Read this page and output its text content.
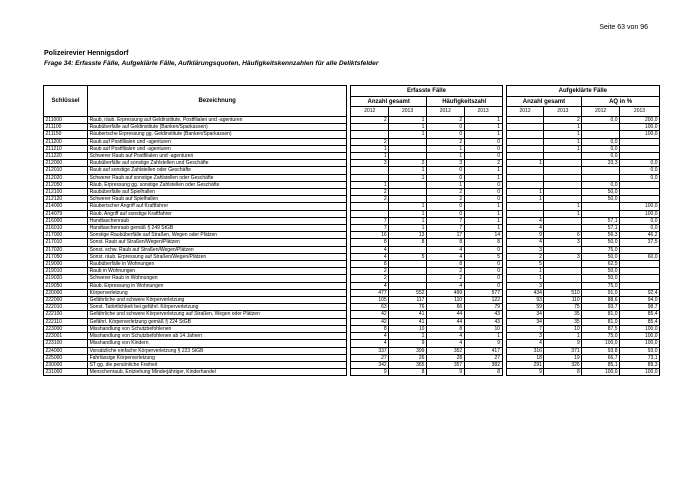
Seite 63 von 96
Polizeirevier Hennigsdorf
Frage 34: Erfasste Fälle, Aufgeklärte Fälle, Aufklärungsquoten, Häufigkeitskennzahlen für alle Deliktsfelder
Schlüssel	Bezeichnung		Erfasste Fälle					Aufgeklärte Fälle			
			Anzahl gesamt		Häufigkeitszahl			Anzahl gesamt		AQ in %	
			2012	2013	2012	2013		2012	2013	2012	2013
211000	Raub, räub. Erpressung auf Geldinstitute, Postfilialen und -agenturen		2	1	2	1			2	0,0	200,0
211100	Raubüberfälle auf Geldinstitute (Banken/Sparkassen)			1	0	1			1		100,0
211150	Räuberische Erpressung gg. Geldinstitute (Banken/Sparkassen)			1	0	1			1		100,0
211200	Raub auf Postfilialen und -agenturen		2		2	0			1	0,0	
211210	Raub auf Postfilialen und -agenturen		1		1	0			1	0,0	
211220	Schwerer Raub auf Postfilialen und -agenturen		1		1	0				0,0	
212000	Raubüberfälle auf sonstige Zahlstellen und Geschäfte		3	2	3	2		1		33,3	0,0
212010	Raub auf sonstige Zahlstellen oder Geschäfte			1	0	1					0,0
212020	Schwerer Raub auf sonstige Zahlstellen oder Geschäfte			1	0	1					0,0
212050	Räub. Erpressung gg. sonstige Zahlstellen oder Geschäfte		1		1	0				0,0	
212100	Raubüberfälle auf Spielhallen		2		2	0		1		50,0	
212120	Schwerer Raub auf Spielhallen		2		2	0		1		50,0	
214000	Räuberischer Angriff auf Kraftfahrer			1	0	1			1		100,0
214079	Räub. Angriff auf sonstige Kraftfahrer			1	0	1			1		100,0
216000	Handtaschenraub		7	1	7	1		4		57,1	0,0
216010	Handtaschenraub gemäß § 249 StGB		7	1	7	1		4		57,1	0,0
217000	Sonstige Raubüberfälle auf Straßen, Wegen oder Plätzen		16	13	17	14		9	6	56,3	46,2
217010	Sonst. Raub auf Straßen/Wegen/Plätzen		8	8	8	8		4	3	50,0	37,5
217020	Sonst. schw. Raub auf Straßen/Wegen/Plätzen		4		4	0		3		75,0	
217050	Sonst. räub. Erpressung auf Straßen/Wegen/Plätzen		4	5	4	5		2	3	50,0	60,0
219000	Raubüberfälle in Wohnungen		8		8	0		5		62,5	
219010	Raub in Wohnungen		2		2	0		1		50,0	
219020	Schwerer Raub in Wohnungen		2		2	0		1		50,0	
219050	Räub. Erpressung in Wohnungen		4		4	0		3		75,0	
220000	Körperverletzung		477	552	499	577		434	510	91,0	92,4
222000	Gefährliche und schwere Körperverletzung		105	117	110	122		93	110	88,6	94,0
222010	Sonst. Tatörtlichkeit bei gefährl. Körperverletzung		63	76	66	79		59	75	93,7	98,7
222100	Gefährliche und schwere Körperverletzung auf Straßen, Wegen oder Plätzen		42	41	44	43		34	35	81,0	85,4
222110	Gefährl. Körperverletzung gemäß § 224 StGB		42	41	44	43		34	35	81,0	85,4
223000	Misshandlung von Schutzbefohlenen		8	10	8	10		7	10	87,5	100,0
223001	Misshandlung von Schutzbefohlenen ab 14 Jahren		4	1	4	1		3	1	75,0	100,0
223100	Misshandlung von Kindern		4	9	4	9		4	9	100,0	100,0
224000	Vorsätzliche einfache Körperverletzung § 223 StGB		337	399	352	417		316	371	93,8	93,0
225000	Fahrlässige Körperverletzung		27	26	28	27		18	19	66,7	73,1
230000	ST gg. die persönliche Freiheit		342	365	357	382		291	326	85,1	89,3
231000	Menschenraub, Entziehung Minderjähriger, Kinderhandel		9	8	9	8		9	8	100,0	100,0
